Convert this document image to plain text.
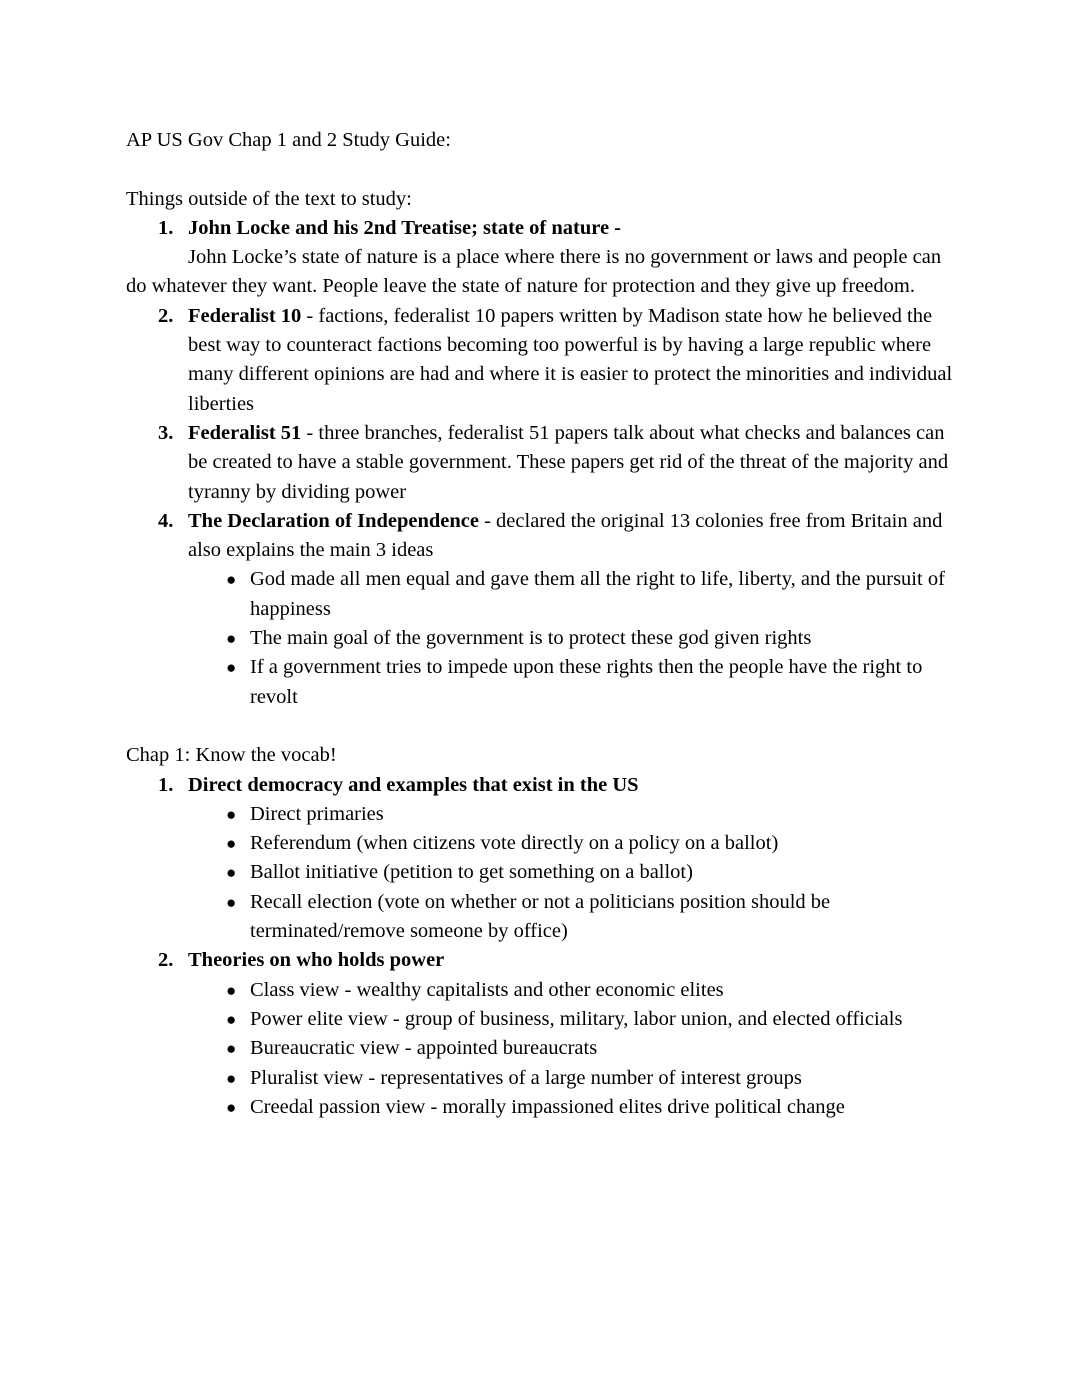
AP US Gov Chap 1 and 2 Study Guide:

Things outside of the text to study:

John Locke and his 2nd Treatise; state of nature -

John Locke’s state of nature is a place where there is no government or laws and people can do whatever they want. People leave the state of nature for protection and they give up freedom.

Federalist 10 - factions, federalist 10 papers written by Madison state how he believed the best way to counteract factions becoming too powerful is by having a large republic where many different opinions are had and where it is easier to protect the minorities and individual liberties
Federalist 51 - three branches, federalist 51 papers talk about what checks and balances can be created to have a stable government. These papers get rid of the threat of the majority and tyranny by dividing power
The Declaration of Independence - declared the original 13 colonies free from Britain and also explains the main 3 ideas
● God made all men equal and gave them all the right to life, liberty, and the pursuit of happiness
● The main goal of the government is to protect these god given rights
● If a government tries to impede upon these rights then the people have the right to revolt

Chap 1: Know the vocab!

Direct democracy and examples that exist in the US
● Direct primaries
● Referendum (when citizens vote directly on a policy on a ballot)
● Ballot initiative (petition to get something on a ballot)
● Recall election (vote on whether or not a politicians position should be terminated/remove someone by office)
Theories on who holds power
● Class view - wealthy capitalists and other economic elites
● Power elite view - group of business, military, labor union, and elected officials
● Bureaucratic view - appointed bureaucrats
● Pluralist view - representatives of a large number of interest groups
● Creedal passion view - morally impassioned elites drive political change
